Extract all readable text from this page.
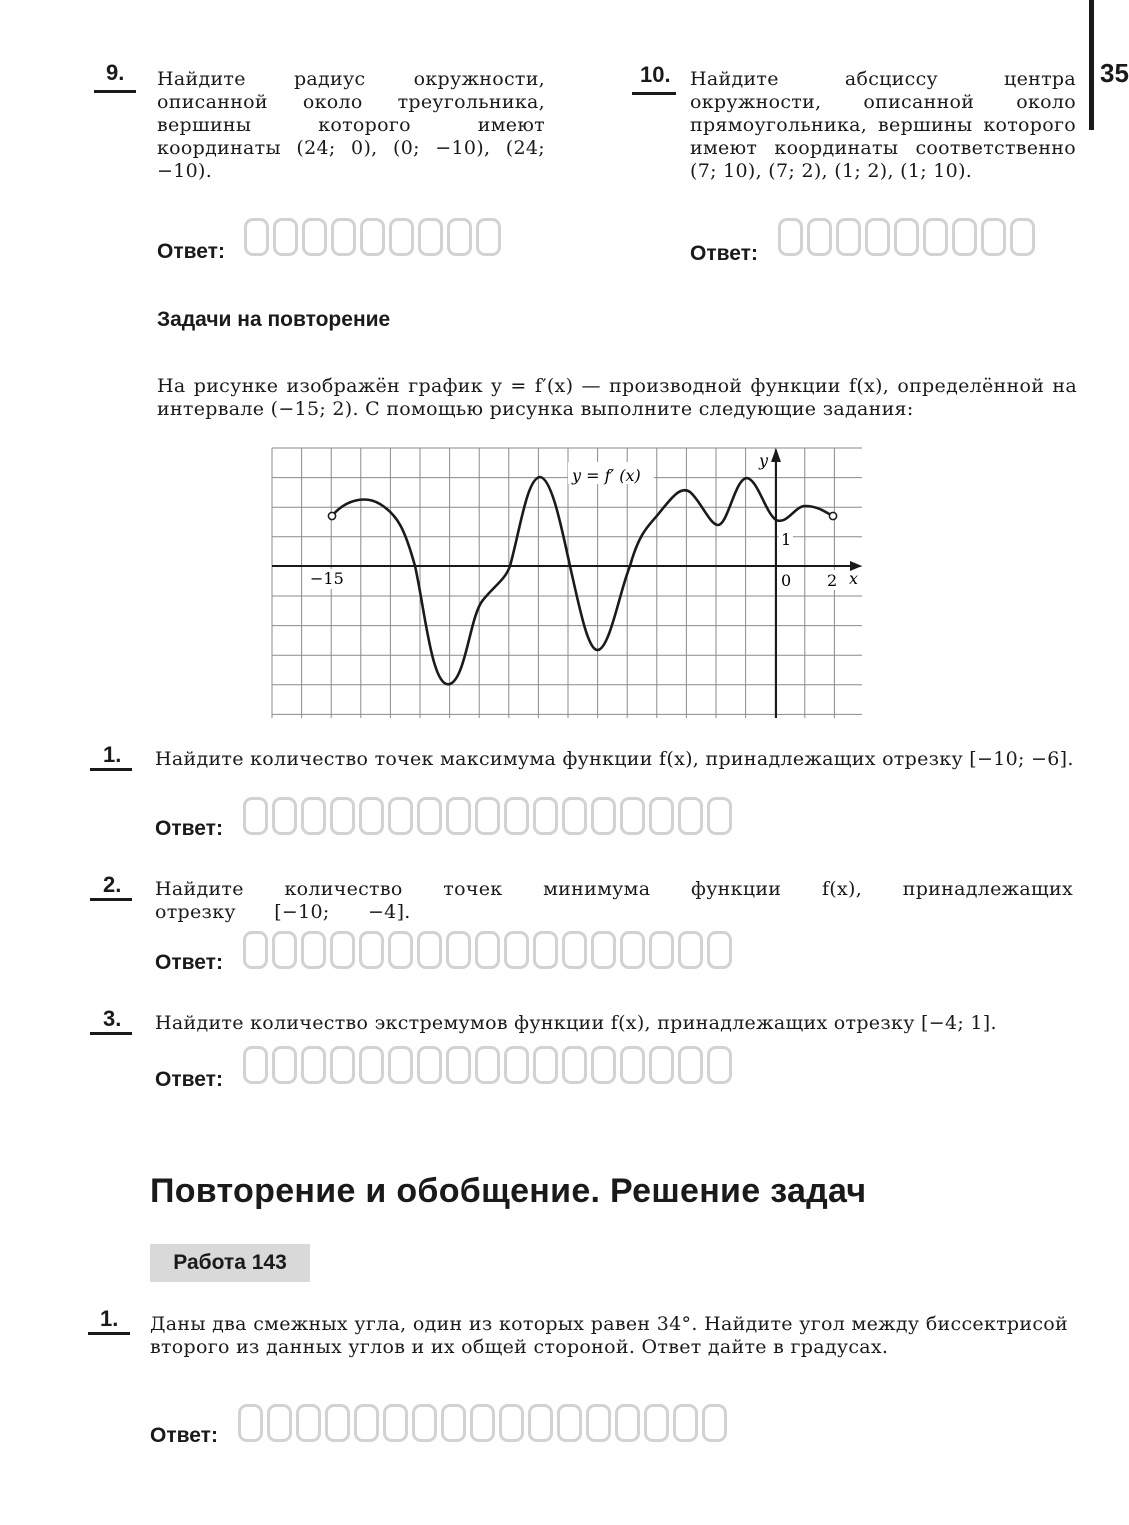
35
9. Найдите радиус окружности, описанной около треугольника, вершины которого имеют координаты (24; 0), (0; −10), (24; −10).
Ответ:
10. Найдите абсциссу центра окружности, описанной около прямоугольника, вершины которого имеют координаты соответственно (7; 10), (7; 2), (1; 2), (1; 10).
Ответ:
Задачи на повторение
На рисунке изображён график y = f′(x) — производной функции f(x), определённой на интервале (−15; 2). С помощью рисунка выполните следующие задания:
y = f′ (x)
y
x
−15	0 2
1
1. Найдите количество точек максимума функции f(x), принадлежащих отрезку [−10; −6].
Ответ:
2. Найдите количество точек минимума функции f(x), принадлежащих отрезку [−10; −4].
Ответ:
3. Найдите количество экстремумов функции f(x), принадлежащих отрезку [−4; 1].
Ответ:
Повторение и обобщение. Решение задач
Работа 143
1. Даны два смежных угла, один из которых равен 34°. Найдите угол между биссектрисой второго из данных углов и их общей стороной. Ответ дайте в градусах.
Ответ:
